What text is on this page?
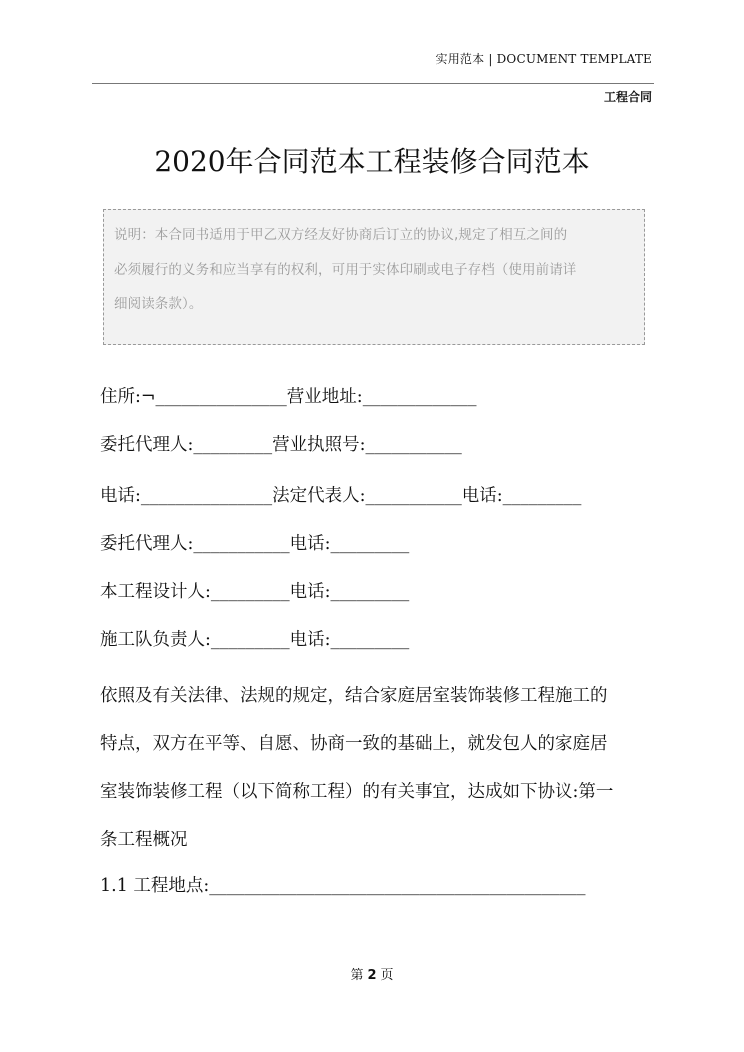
实用范本 | DOCUMENT TEMPLATE
工程合同
2020年合同范本工程装修合同范本
说明：本合同书适用于甲乙双方经友好协商后订立的协议,规定了相互之间的
必须履行的义务和应当享有的权利，可用于实体印刷或电子存档（使用前请详
细阅读条款）。
住所:¬_______________营业地址:_____________
委托代理人:_________营业执照号:___________
电话:_______________法定代表人:___________电话:_________
委托代理人:___________电话:_________
本工程设计人:_________电话:_________
施工队负责人:_________电话:_________
依照及有关法律、法规的规定，结合家庭居室装饰装修工程施工的
特点，双方在平等、自愿、协商一致的基础上，就发包人的家庭居
室装饰装修工程（以下简称工程）的有关事宜，达成如下协议:第一
条工程概况
1.1 工程地点:___________________________________________
第 2 页
